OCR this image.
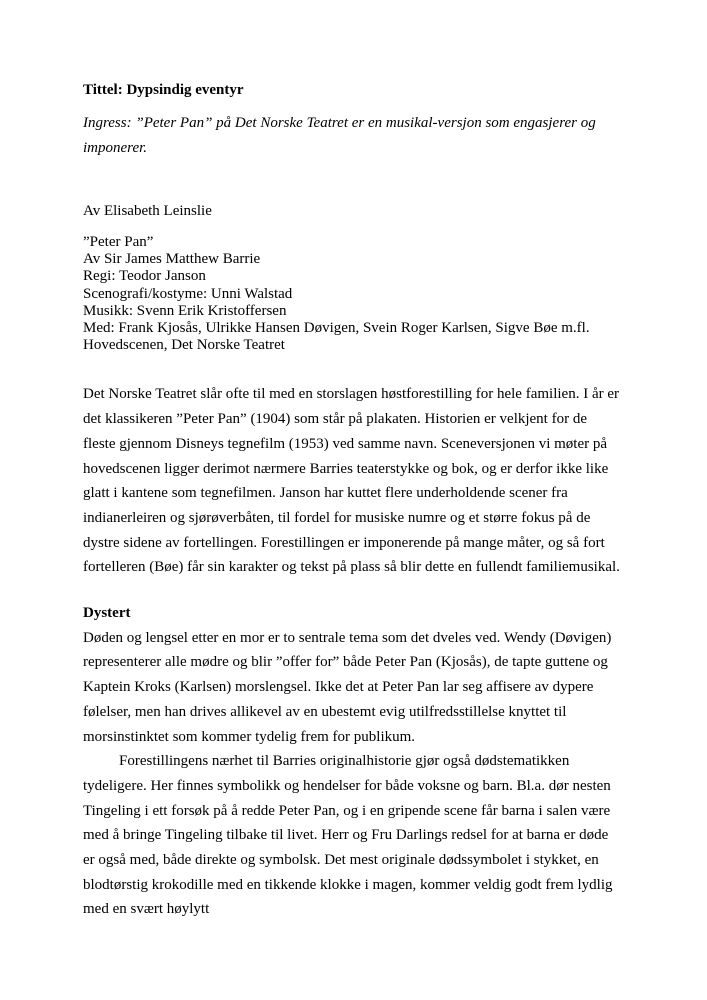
Tittel: Dypsindig eventyr

Ingress: ”Peter Pan” på Det Norske Teatret er en musikal-versjon som engasjerer og imponerer.

Av Elisabeth Leinslie

”Peter Pan”
Av Sir James Matthew Barrie
Regi: Teodor Janson
Scenografi/kostyme: Unni Walstad
Musikk: Svenn Erik Kristoffersen
Med: Frank Kjosås, Ulrikke Hansen Døvigen, Svein Roger Karlsen, Sigve Bøe m.fl.
Hovedscenen, Det Norske Teatret

Det Norske Teatret slår ofte til med en storslagen høstforestilling for hele familien. I år er det klassikeren ”Peter Pan” (1904) som står på plakaten. Historien er velkjent for de fleste gjennom Disneys tegnefilm (1953) ved samme navn. Sceneversjonen vi møter på hovedscenen ligger derimot nærmere Barries teaterstykke og bok, og er derfor ikke like glatt i kantene som tegnefilmen. Janson har kuttet flere underholdende scener fra indianerleiren og sjørøverbåten, til fordel for musiske numre og et større fokus på de dystre sidene av fortellingen. Forestillingen er imponerende på mange måter, og så fort fortelleren (Bøe) får sin karakter og tekst på plass så blir dette en fullendt familiemusikal.

Dystert

Døden og lengsel etter en mor er to sentrale tema som det dveles ved. Wendy (Døvigen) representerer alle mødre og blir ”offer for” både Peter Pan (Kjosås), de tapte guttene og Kaptein Kroks (Karlsen) morslengsel. Ikke det at Peter Pan lar seg affisere av dypere følelser, men han drives allikevel av en ubestemt evig utilfredsstillelse knyttet til morsinstinktet som kommer tydelig frem for publikum.

Forestillingens nærhet til Barries originalhistorie gjør også dødstematikken tydeligere. Her finnes symbolikk og hendelser for både voksne og barn. Bl.a. dør nesten Tingeling i ett forsøk på å redde Peter Pan, og i en gripende scene får barna i salen være med å bringe Tingeling tilbake til livet. Herr og Fru Darlings redsel for at barna er døde er også med, både direkte og symbolsk. Det mest originale dødssymbolet i stykket, en blodtørstig krokodille med en tikkende klokke i magen, kommer veldig godt frem lydlig med en svært høylytt
